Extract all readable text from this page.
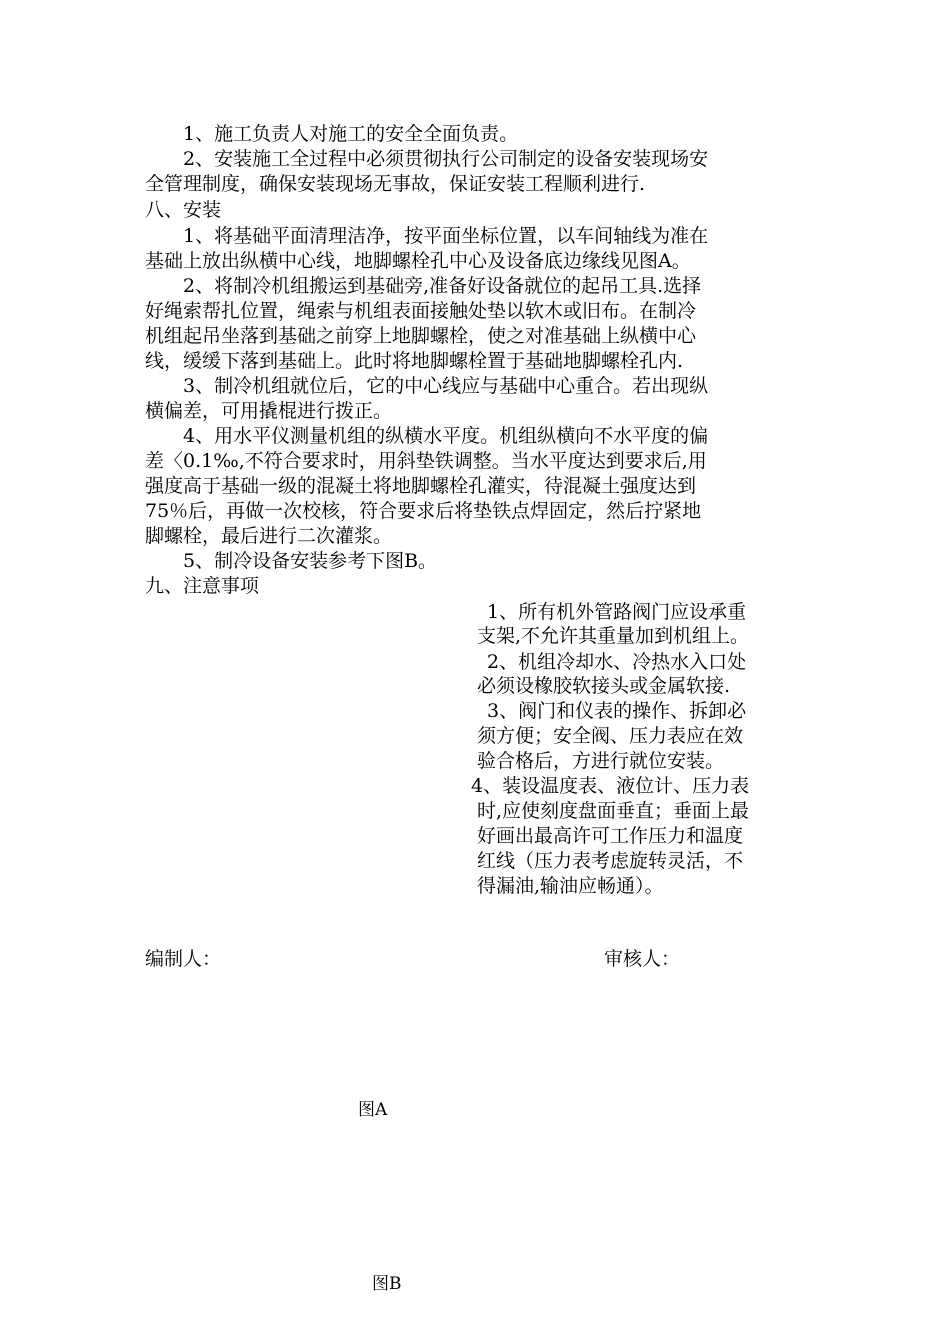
　　1、施工负责人对施工的安全全面负责。
　　2、安装施工全过程中必须贯彻执行公司制定的设备安装现场安
全管理制度，确保安装现场无事故，保证安装工程顺利进行.
八、安装
　　1、将基础平面清理洁净，按平面坐标位置，以车间轴线为准在
基础上放出纵横中心线，地脚螺栓孔中心及设备底边缘线见图A。
　　2、将制冷机组搬运到基础旁,准备好设备就位的起吊工具.选择
好绳索帮扎位置，绳索与机组表面接触处垫以软木或旧布。在制冷
机组起吊坐落到基础之前穿上地脚螺栓，使之对准基础上纵横中心
线，缓缓下落到基础上。此时将地脚螺栓置于基础地脚螺栓孔内.
　　3、制冷机组就位后，它的中心线应与基础中心重合。若出现纵
横偏差，可用撬棍进行拨正。
　　4、用水平仪测量机组的纵横水平度。机组纵横向不水平度的偏
差〈0.1‰,不符合要求时，用斜垫铁调整。当水平度达到要求后,用
强度高于基础一级的混凝土将地脚螺栓孔灌实，待混凝土强度达到
75％后，再做一次校核，符合要求后将垫铁点焊固定，然后拧紧地
脚螺栓，最后进行二次灌浆。
　　5、制冷设备安装参考下图B。
九、注意事项
1、所有机外管路阀门应设承重
支架,不允许其重量加到机组上。
2、机组冷却水、冷热水入口处
必须设橡胶软接头或金属软接.
3、阀门和仪表的操作、拆卸必
须方便；安全阀、压力表应在效
验合格后，方进行就位安装。
4、装设温度表、液位计、压力表
时,应使刻度盘面垂直；垂面上最
好画出最高许可工作压力和温度
红线（压力表考虑旋转灵活，不
得漏油,输油应畅通）。
编制人：	审核人：
图A
图B
